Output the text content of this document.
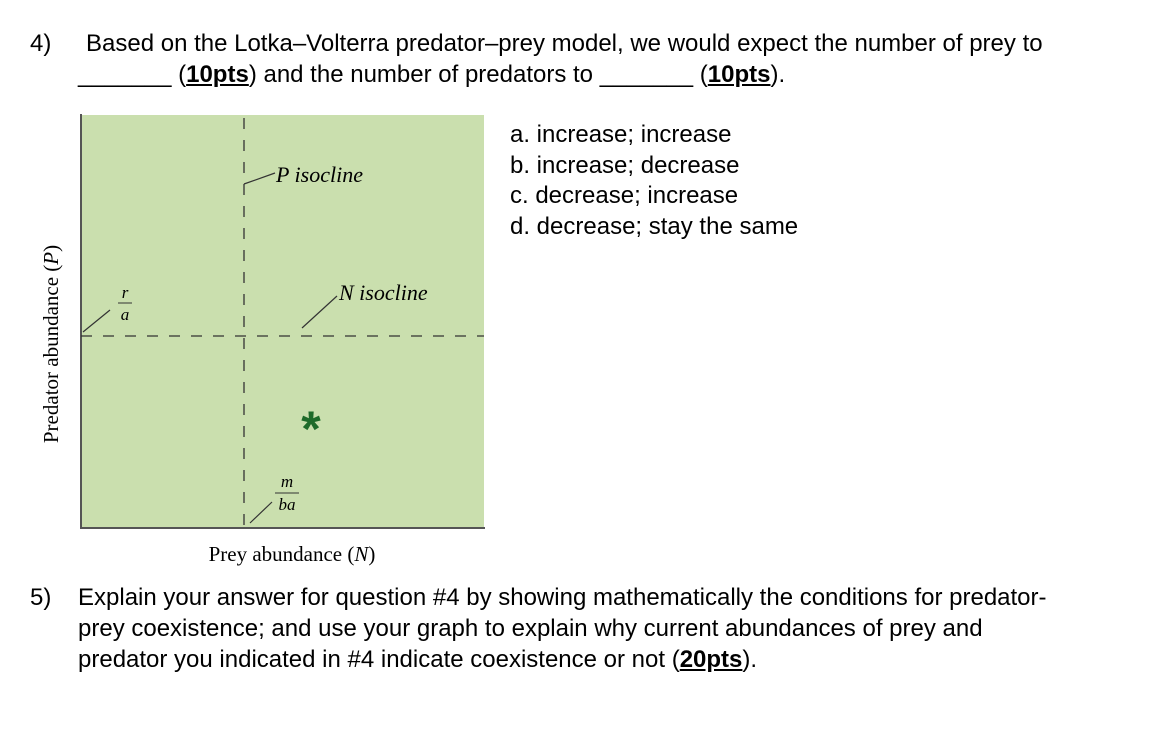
4) Based on the Lotka–Volterra predator–prey model, we would expect the number of prey to
_______ (10pts) and the number of predators to _______ (10pts).
P isocline
N isocline
r
a
m
ba
*
Predator abundance (P)
Prey abundance (N)
a. increase; increase
b. increase; decrease
c. decrease; increase
d. decrease; stay the same
5) Explain your answer for question #4 by showing mathematically the conditions for predator-
prey coexistence; and use your graph to explain why current abundances of prey and
predator you indicated in #4 indicate coexistence or not (20pts).
